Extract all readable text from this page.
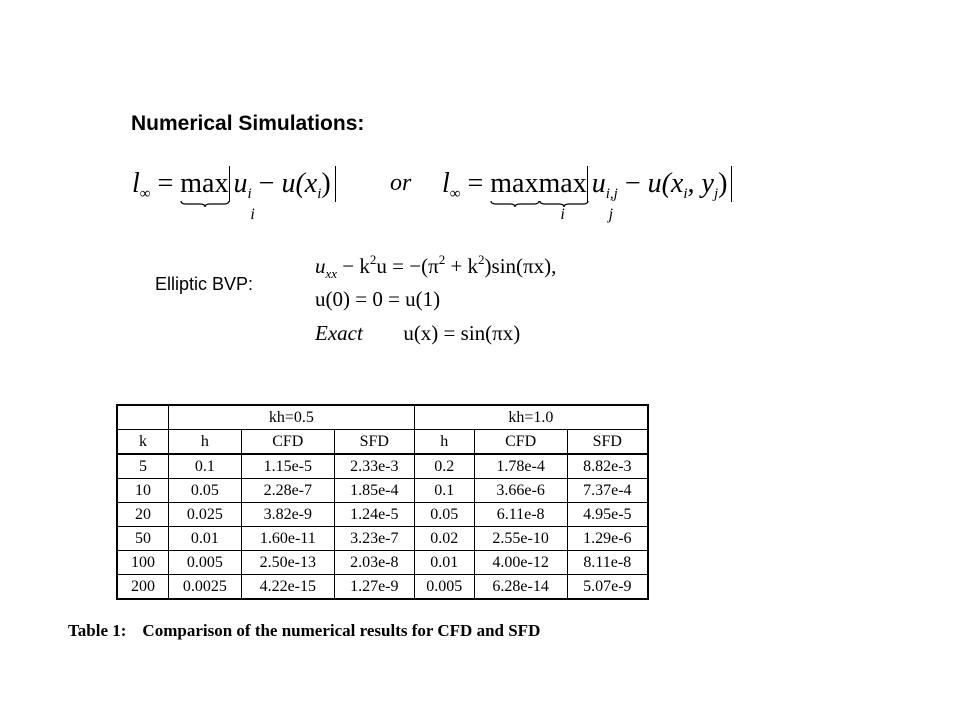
Numerical Simulations:
$l_\infty = \max$
i
$u_i - u(x_i)$ or $l_\infty = \max$
i
max
j
$u_{i,j} - u(x_i$, $y_j$)
Elliptic BVP:
$u_{xx} - k^2u = -(\pi^2 + k^2)\sin(\pi x)$,
u(0) = 0 = u(1)
Exact u(x) = sin(πx)
	kh=0.5			kh=1.0		
k	h	CFD	SFD	h	CFD	SFD
5	0.1	1.15e-5	2.33e-3	0.2	1.78e-4	8.82e-3
10	0.05	2.28e-7	1.85e-4	0.1	3.66e-6	7.37e-4
20	0.025	3.82e-9	1.24e-5	0.05	6.11e-8	4.95e-5
50	0.01	1.60e-11	3.23e-7	0.02	2.55e-10	1.29e-6
100	0.005	2.50e-13	2.03e-8	0.01	4.00e-12	8.11e-8
200	0.0025	4.22e-15	1.27e-9	0.005	6.28e-14	5.07e-9
Table 1: Comparison of the numerical results for CFD and SFD
